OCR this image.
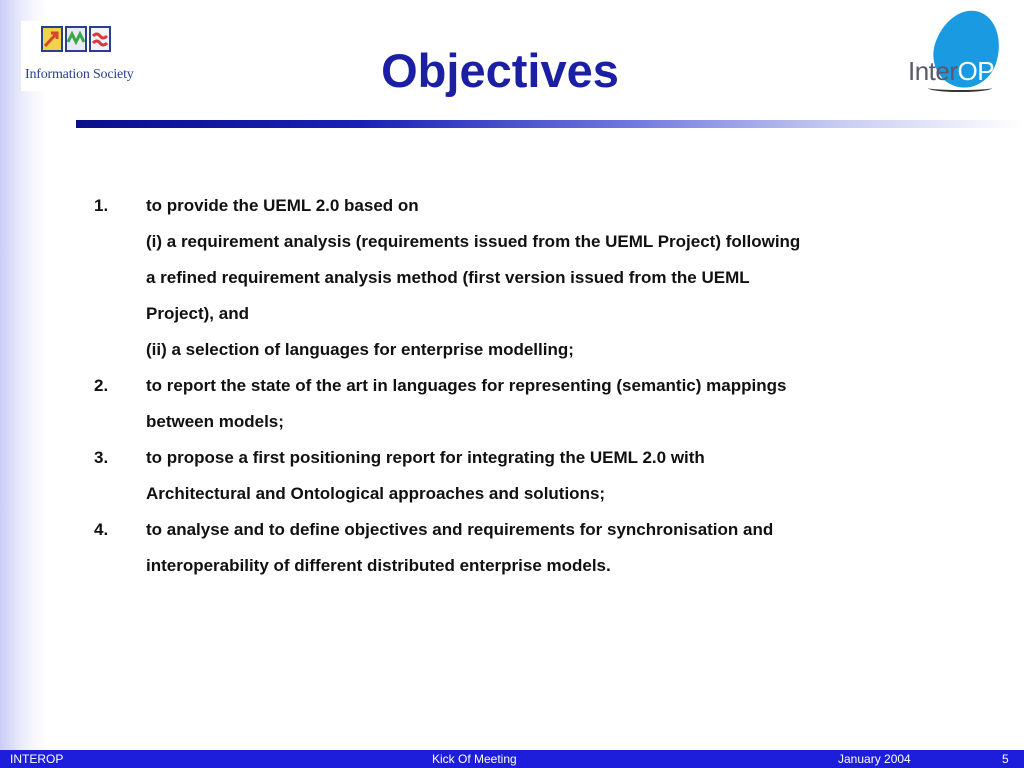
Information Society	Objectives	InterOP
1. to provide the UEML 2.0 based on
(i) a requirement analysis (requirements issued from the UEML Project) following
a refined requirement analysis method (first version issued from the UEML
Project), and
(ii) a selection of languages for enterprise modelling;
2. to report the state of the art in languages for representing (semantic) mappings
between models;
3. to propose a first positioning report for integrating the UEML 2.0 with
Architectural and Ontological approaches and solutions;
4. to analyse and to define objectives and requirements for synchronisation and
interoperability of different distributed enterprise models.
INTEROP	Kick Of Meeting	January 2004	5
